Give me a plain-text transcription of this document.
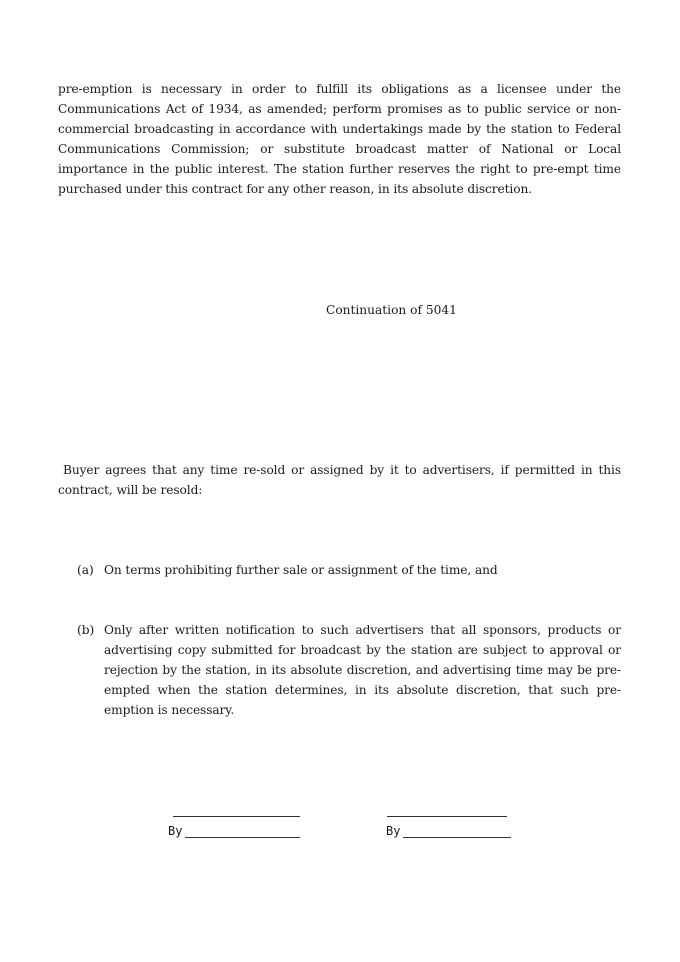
pre-emption is necessary in order to fulfill its obligations as a licensee under the Communications Act of 1934, as amended; perform promises as to public service or non-commercial broadcasting in accordance with undertakings made by the station to Federal Communications Commission; or substitute broadcast matter of National or Local importance in the public interest. The station further reserves the right to pre-empt time purchased under this contract for any other reason, in its absolute discretion.

Continuation of 5041

Buyer agrees that any time re-sold or assigned by it to advertisers, if permitted in this contract, will be resold:

(a) On terms prohibiting further sale or assignment of the time, and
(b) Only after written notification to such advertisers that all sponsors, products or advertising copy submitted for broadcast by the station are subject to approval or rejection by the station, in its absolute discretion, and advertising time may be pre-empted when the station determines, in its absolute discretion, that such pre-emption is necessary.
By	By
